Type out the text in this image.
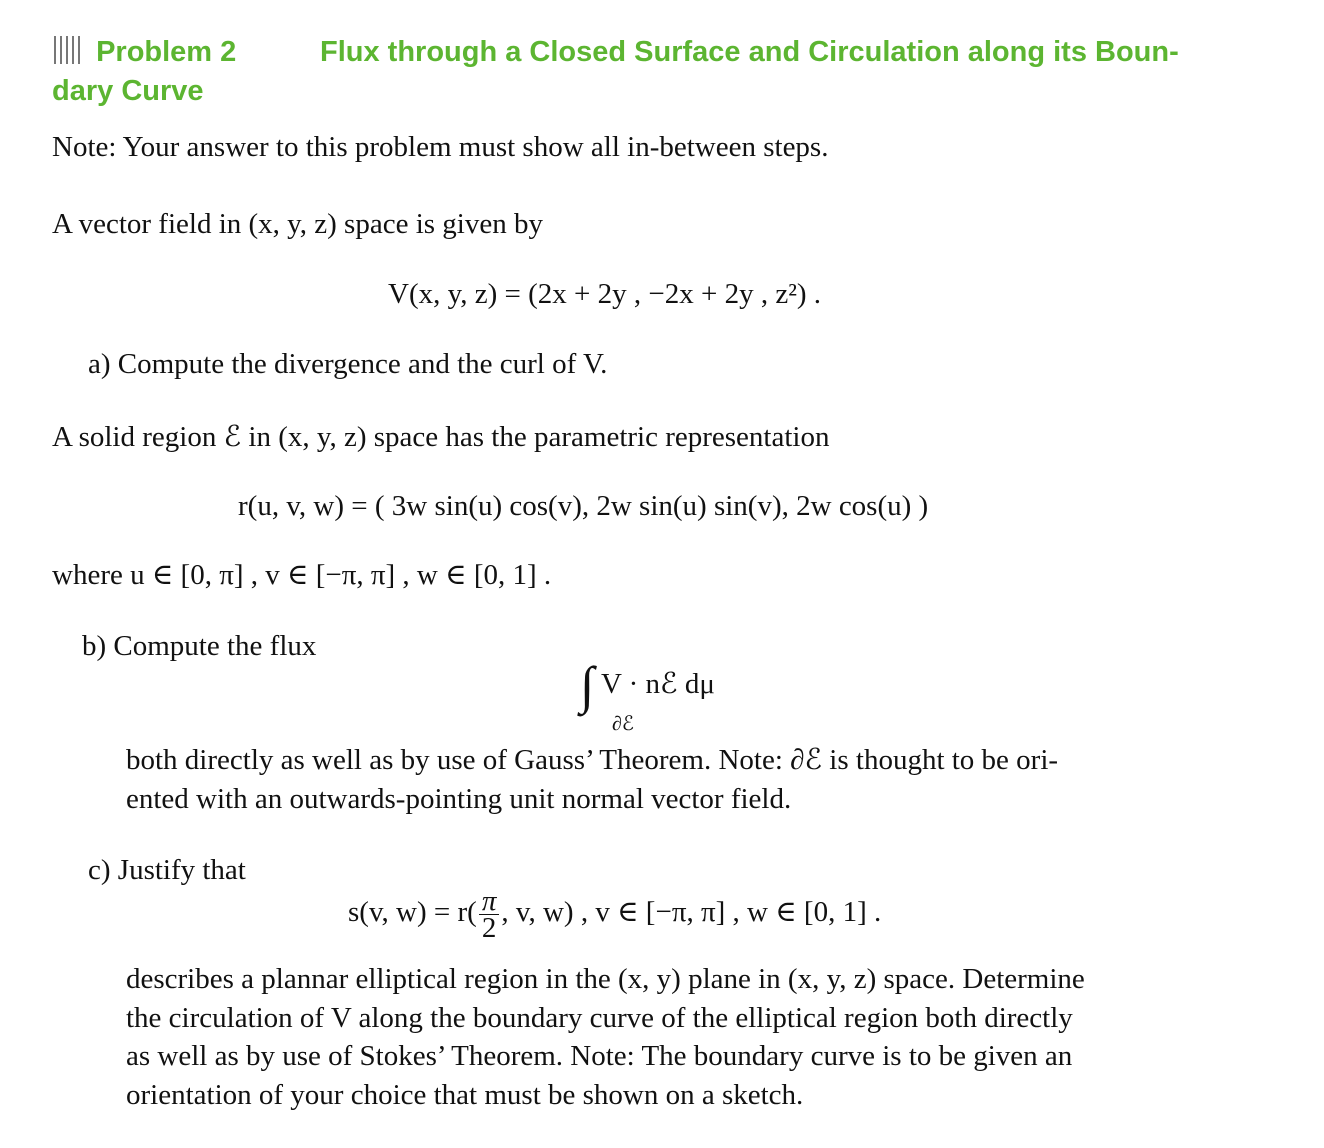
Problem 2	Flux through a Closed Surface and Circulation along its Boun-
dary Curve
Note: Your answer to this problem must show all in-between steps.
A vector field in (x, y, z) space is given by
V(x, y, z) = (2x + 2y , −2x + 2y , z²) .
a) Compute the divergence and the curl of V.
A solid region ℰ in (x, y, z) space has the parametric representation
r(u, v, w) = ( 3w sin(u) cos(v), 2w sin(u) sin(v), 2w cos(u) )
where u ∈ [0, π] , v ∈ [−π, π] , w ∈ [0, 1] .
b) Compute the flux
∫ V · nℰ dμ
∂ℰ
both directly as well as by use of Gauss’ Theorem. Note: ∂ℰ is thought to be ori-
ented with an outwards-pointing unit normal vector field.
c) Justify that
s(v, $w) = r( \frac{\pi}{2}$ , v, w) , v ∈ [−π, π] , w ∈ [0, 1] .
describes a plannar elliptical region in the (x, y) plane in (x, y, z) space. Determine
the circulation of V along the boundary curve of the elliptical region both directly
as well as by use of Stokes’ Theorem. Note: The boundary curve is to be given an
orientation of your choice that must be shown on a sketch.
